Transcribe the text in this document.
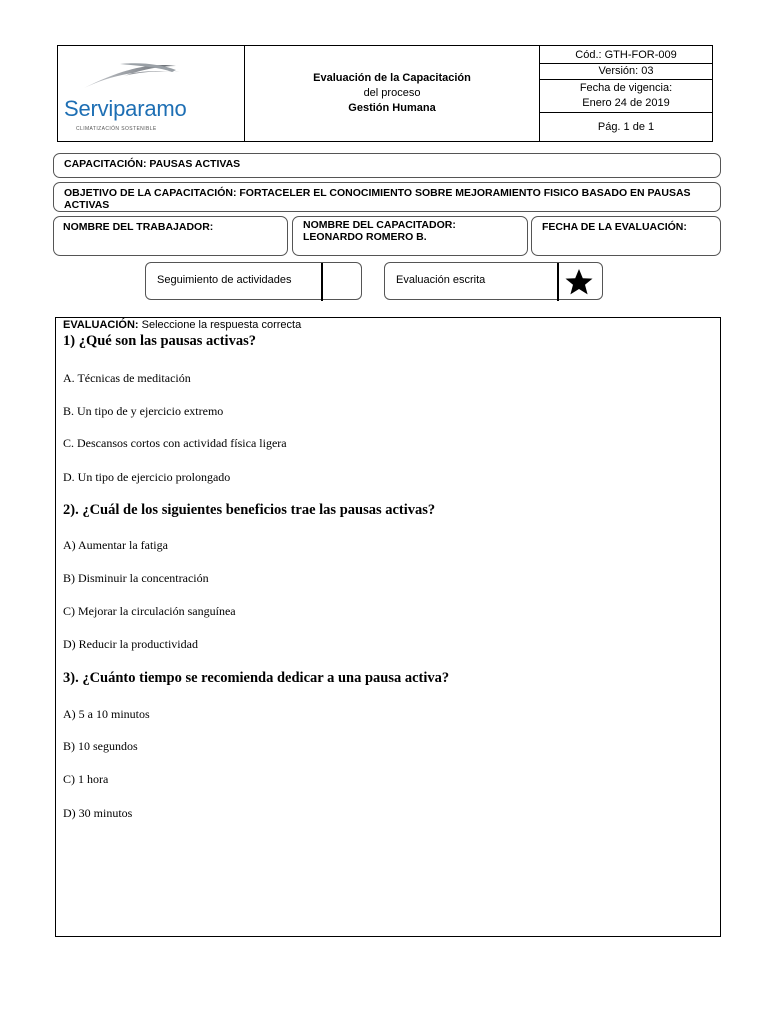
Serviparamo
CLIMATIZACIÓN SOSTENIBLE
Evaluación de la Capacitación
del proceso
Gestión Humana
Cód.: GTH-FOR-009
Versión: 03
Fecha de vigencia:
Enero 24 de 2019
Pág. 1 de 1
CAPACITACIÓN: PAUSAS ACTIVAS
OBJETIVO DE LA CAPACITACIÓN: FORTACELER EL CONOCIMIENTO SOBRE MEJORAMIENTO FISICO BASADO EN PAUSAS ACTIVAS
NOMBRE DEL TRABAJADOR:	NOMBRE DEL CAPACITADOR:
LEONARDO ROMERO B.
FECHA DE LA EVALUACIÓN:
Seguimiento de actividades	Evaluación escrita
EVALUACIÓN: Seleccione la respuesta correcta
1) ¿Qué son las pausas activas?
A. Técnicas de meditación
B. Un tipo de y ejercicio extremo
C. Descansos cortos con actividad física ligera
D. Un tipo de ejercicio prolongado
2). ¿Cuál de los siguientes beneficios trae las pausas activas?
A) Aumentar la fatiga
B) Disminuir la concentración
C) Mejorar la circulación sanguínea
D) Reducir la productividad
3). ¿Cuánto tiempo se recomienda dedicar a una pausa activa?
A) 5 a 10 minutos
B) 10 segundos
C) 1 hora
D) 30 minutos
